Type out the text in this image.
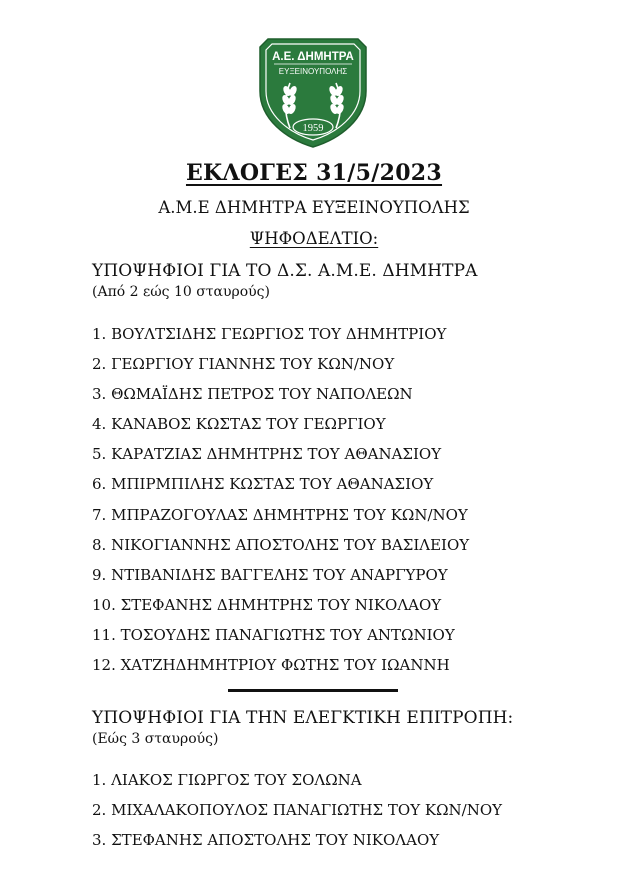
Α.Ε. ΔΗΜΗΤΡΑ
ΕΥΞΕΙΝΟΥΠΟΛΗΣ
1959
ΕΚΛΟΓΕΣ 31/5/2023
Α.Μ.Ε ΔΗΜΗΤΡΑ ΕΥΞΕΙΝΟΥΠΟΛΗΣ
ΨΗΦΟΔΕΛΤΙΟ:
ΥΠΟΨΗΦΙΟΙ ΓΙΑ ΤΟ Δ.Σ. Α.Μ.Ε. ΔΗΜΗΤΡΑ
(Από 2 εώς 10 σταυρούς)
1. ΒΟΥΛΤΣΙΔΗΣ ΓΕΩΡΓΙΟΣ ΤΟΥ ΔΗΜΗΤΡΙΟΥ
2. ΓΕΩΡΓΙΟΥ ΓΙΑΝΝΗΣ ΤΟΥ ΚΩΝ/ΝΟΥ
3. ΘΩΜΑΪΔΗΣ ΠΕΤΡΟΣ ΤΟΥ ΝΑΠΟΛΕΩΝ
4. ΚΑΝΑΒΟΣ ΚΩΣΤΑΣ ΤΟΥ ΓΕΩΡΓΙΟΥ
5. ΚΑΡΑΤΖΙΑΣ ΔΗΜΗΤΡΗΣ ΤΟΥ ΑΘΑΝΑΣΙΟΥ
6. ΜΠΙΡΜΠΙΛΗΣ ΚΩΣΤΑΣ ΤΟΥ ΑΘΑΝΑΣΙΟΥ
7. ΜΠΡΑΖΟΓΟΥΛΑΣ ΔΗΜΗΤΡΗΣ ΤΟΥ ΚΩΝ/ΝΟΥ
8. ΝΙΚΟΓΙΑΝΝΗΣ ΑΠΟΣΤΟΛΗΣ ΤΟΥ ΒΑΣΙΛΕΙΟΥ
9. ΝΤΙΒΑΝΙΔΗΣ ΒΑΓΓΕΛΗΣ ΤΟΥ ΑΝΑΡΓΥΡΟΥ
10. ΣΤΕΦΑΝΗΣ ΔΗΜΗΤΡΗΣ ΤΟΥ ΝΙΚΟΛΑΟΥ
11. ΤΟΣΟΥΔΗΣ ΠΑΝΑΓΙΩΤΗΣ ΤΟΥ ΑΝΤΩΝΙΟΥ
12. ΧΑΤΖΗΔΗΜΗΤΡΙΟΥ ΦΩΤΗΣ ΤΟΥ ΙΩΑΝΝΗ
ΥΠΟΨΗΦΙΟΙ ΓΙΑ ΤΗΝ ΕΛΕΓΚΤΙΚΗ ΕΠΙΤΡΟΠΗ:
(Εώς 3 σταυρούς)
1. ΛΙΑΚΟΣ ΓΙΩΡΓΟΣ ΤΟΥ ΣΟΛΩΝΑ
2. ΜΙΧΑΛΑΚΟΠΟΥΛΟΣ ΠΑΝΑΓΙΩΤΗΣ ΤΟΥ ΚΩΝ/ΝΟΥ
3. ΣΤΕΦΑΝΗΣ ΑΠΟΣΤΟΛΗΣ ΤΟΥ ΝΙΚΟΛΑΟΥ
